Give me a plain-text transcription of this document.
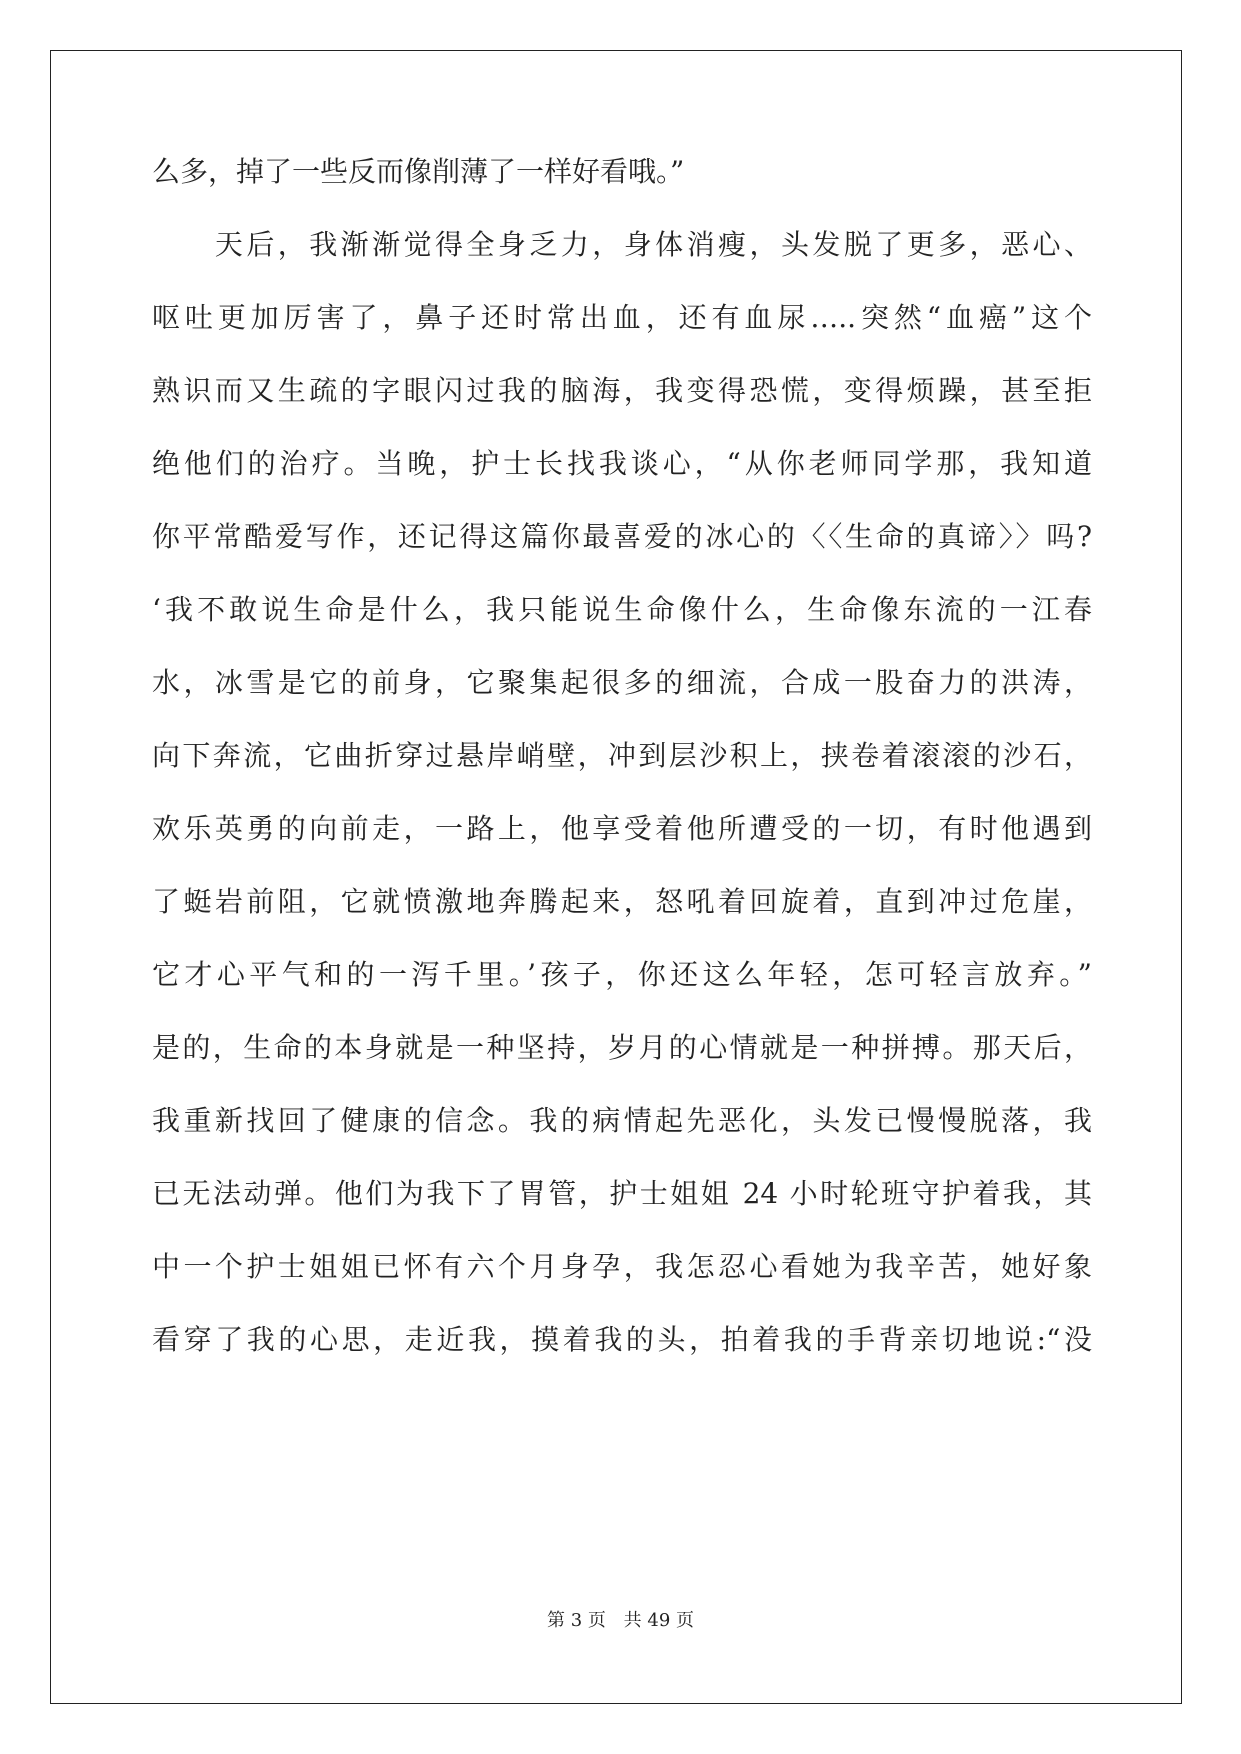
么多，掉了一些反而像削薄了一样好看哦。”
　　天后，我渐渐觉得全身乏力，身体消瘦，头发脱了更多，恶心、
呕吐更加厉害了，鼻子还时常出血，还有血尿…..突然“血癌”这个
熟识而又生疏的字眼闪过我的脑海，我变得恐慌，变得烦躁，甚至拒
绝他们的治疗。当晚，护士长找我谈心，“从你老师同学那，我知道
你平常酷爱写作，还记得这篇你最喜爱的冰心的〈〈生命的真谛〉〉吗?
‘我不敢说生命是什么，我只能说生命像什么，生命像东流的一江春
水，冰雪是它的前身，它聚集起很多的细流，合成一股奋力的洪涛，
向下奔流，它曲折穿过悬岸峭壁，冲到层沙积上，挟卷着滚滚的沙石，
欢乐英勇的向前走，一路上，他享受着他所遭受的一切，有时他遇到
了蜓岩前阻，它就愤激地奔腾起来，怒吼着回旋着，直到冲过危崖，
它才心平气和的一泻千里。’孩子，你还这么年轻，怎可轻言放弃。”
是的，生命的本身就是一种坚持，岁月的心情就是一种拼搏。那天后，
我重新找回了健康的信念。我的病情起先恶化，头发已慢慢脱落，我
已无法动弹。他们为我下了胃管，护士姐姐 24 小时轮班守护着我，其
中一个护士姐姐已怀有六个月身孕，我怎忍心看她为我辛苦，她好象
看穿了我的心思，走近我，摸着我的头，拍着我的手背亲切地说:“没
第 3 页 共 49 页
